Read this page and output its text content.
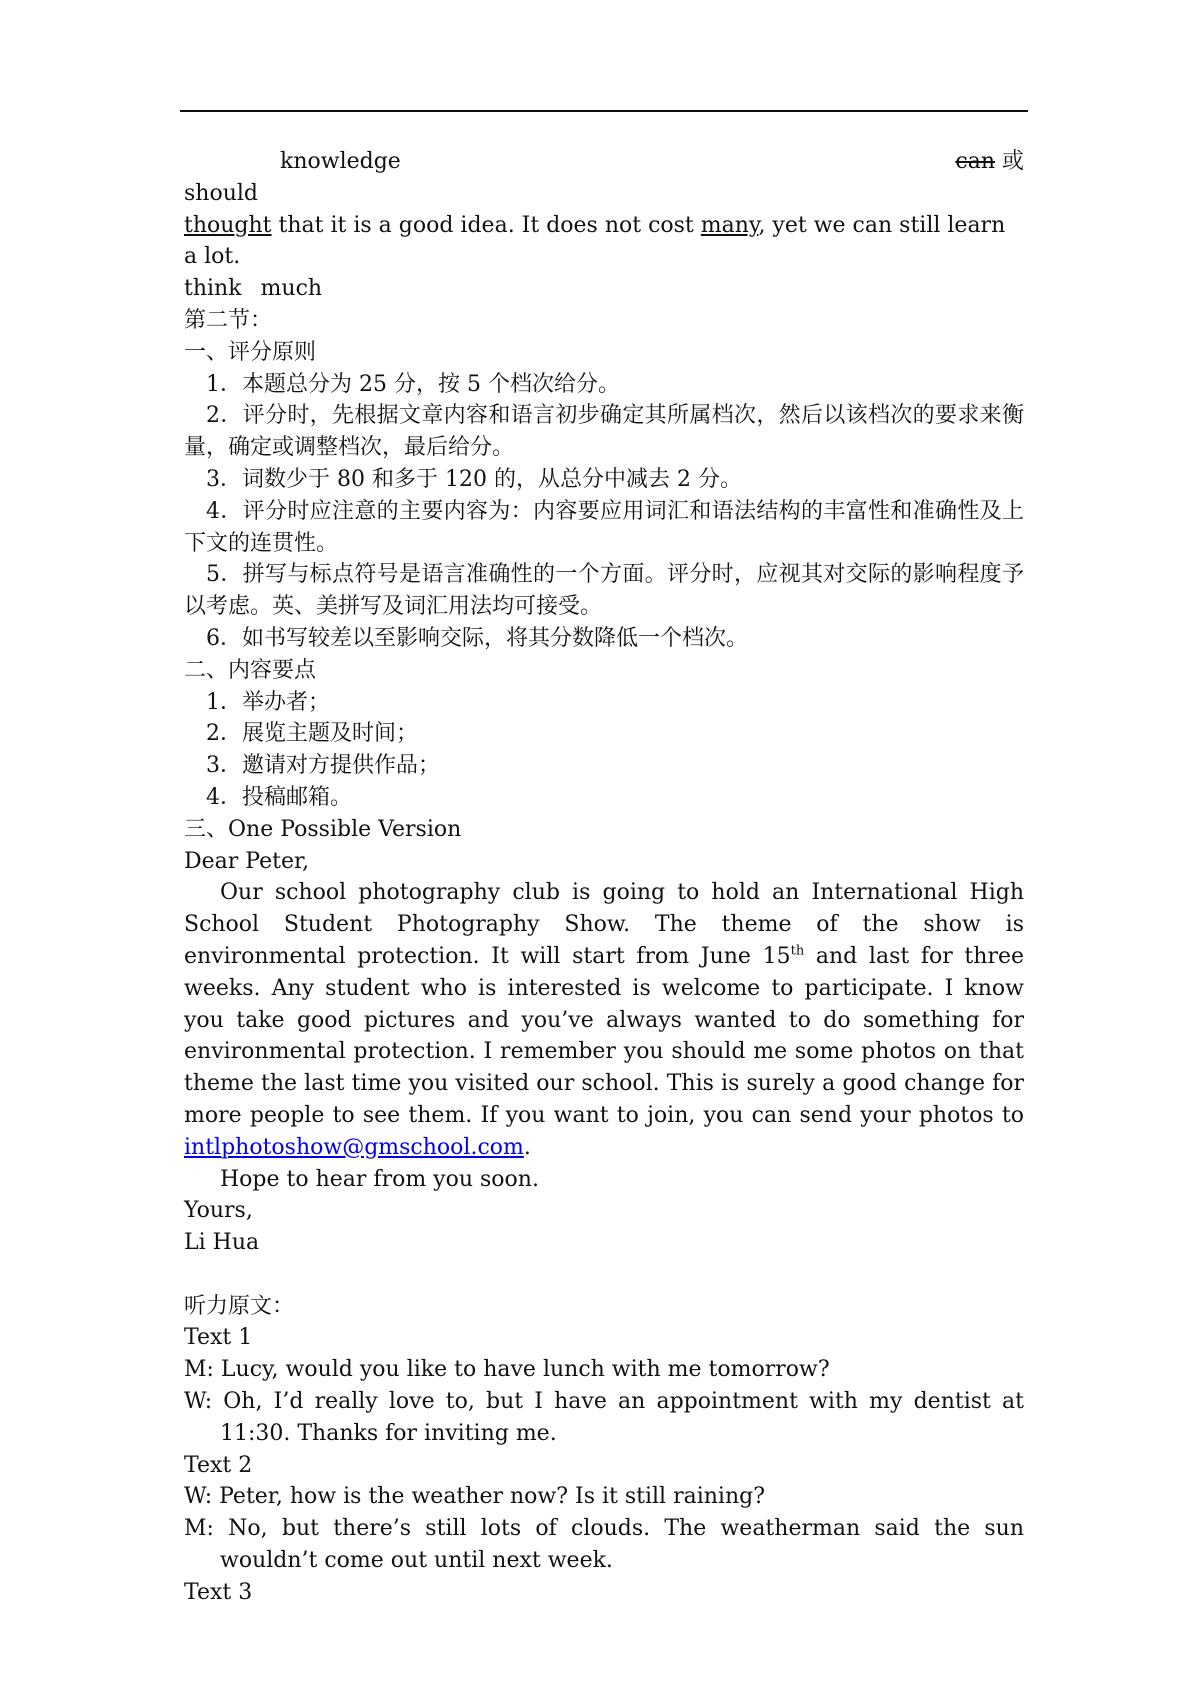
knowledge	can 或

should

thought that it is a good idea. It does not cost many, yet we can still learn a lot.

think much

第二节：

一、评分原则

1．本题总分为 25 分，按 5 个档次给分。

2．评分时，先根据文章内容和语言初步确定其所属档次，然后以该档次的要求来衡量，确定或调整档次，最后给分。

3．词数少于 80 和多于 120 的，从总分中减去 2 分。

4．评分时应注意的主要内容为：内容要应用词汇和语法结构的丰富性和准确性及上下文的连贯性。

5．拼写与标点符号是语言准确性的一个方面。评分时，应视其对交际的影响程度予以考虑。英、美拼写及词汇用法均可接受。

6．如书写较差以至影响交际，将其分数降低一个档次。

二、内容要点

1．举办者；

2．展览主题及时间；

3．邀请对方提供作品；

4．投稿邮箱。

三、One Possible Version

Dear Peter,

Our school photography club is going to hold an International High School Student Photography Show. The theme of the show is environmental protection. It will start from June 15th and last for three weeks. Any student who is interested is welcome to participate. I know you take good pictures and you’ve always wanted to do something for environmental protection. I remember you should me some photos on that theme the last time you visited our school. This is surely a good change for more people to see them. If you want to join, you can send your photos to intlphotoshow@gmschool.com.

Hope to hear from you soon.

Yours,

Li Hua

听力原文：

Text 1

M: Lucy, would you like to have lunch with me tomorrow?

W: Oh, I’d really love to, but I have an appointment with my dentist at 11:30. Thanks for inviting me.

Text 2

W: Peter, how is the weather now? Is it still raining?

M: No, but there’s still lots of clouds. The weatherman said the sun wouldn’t come out until next week.

Text 3
